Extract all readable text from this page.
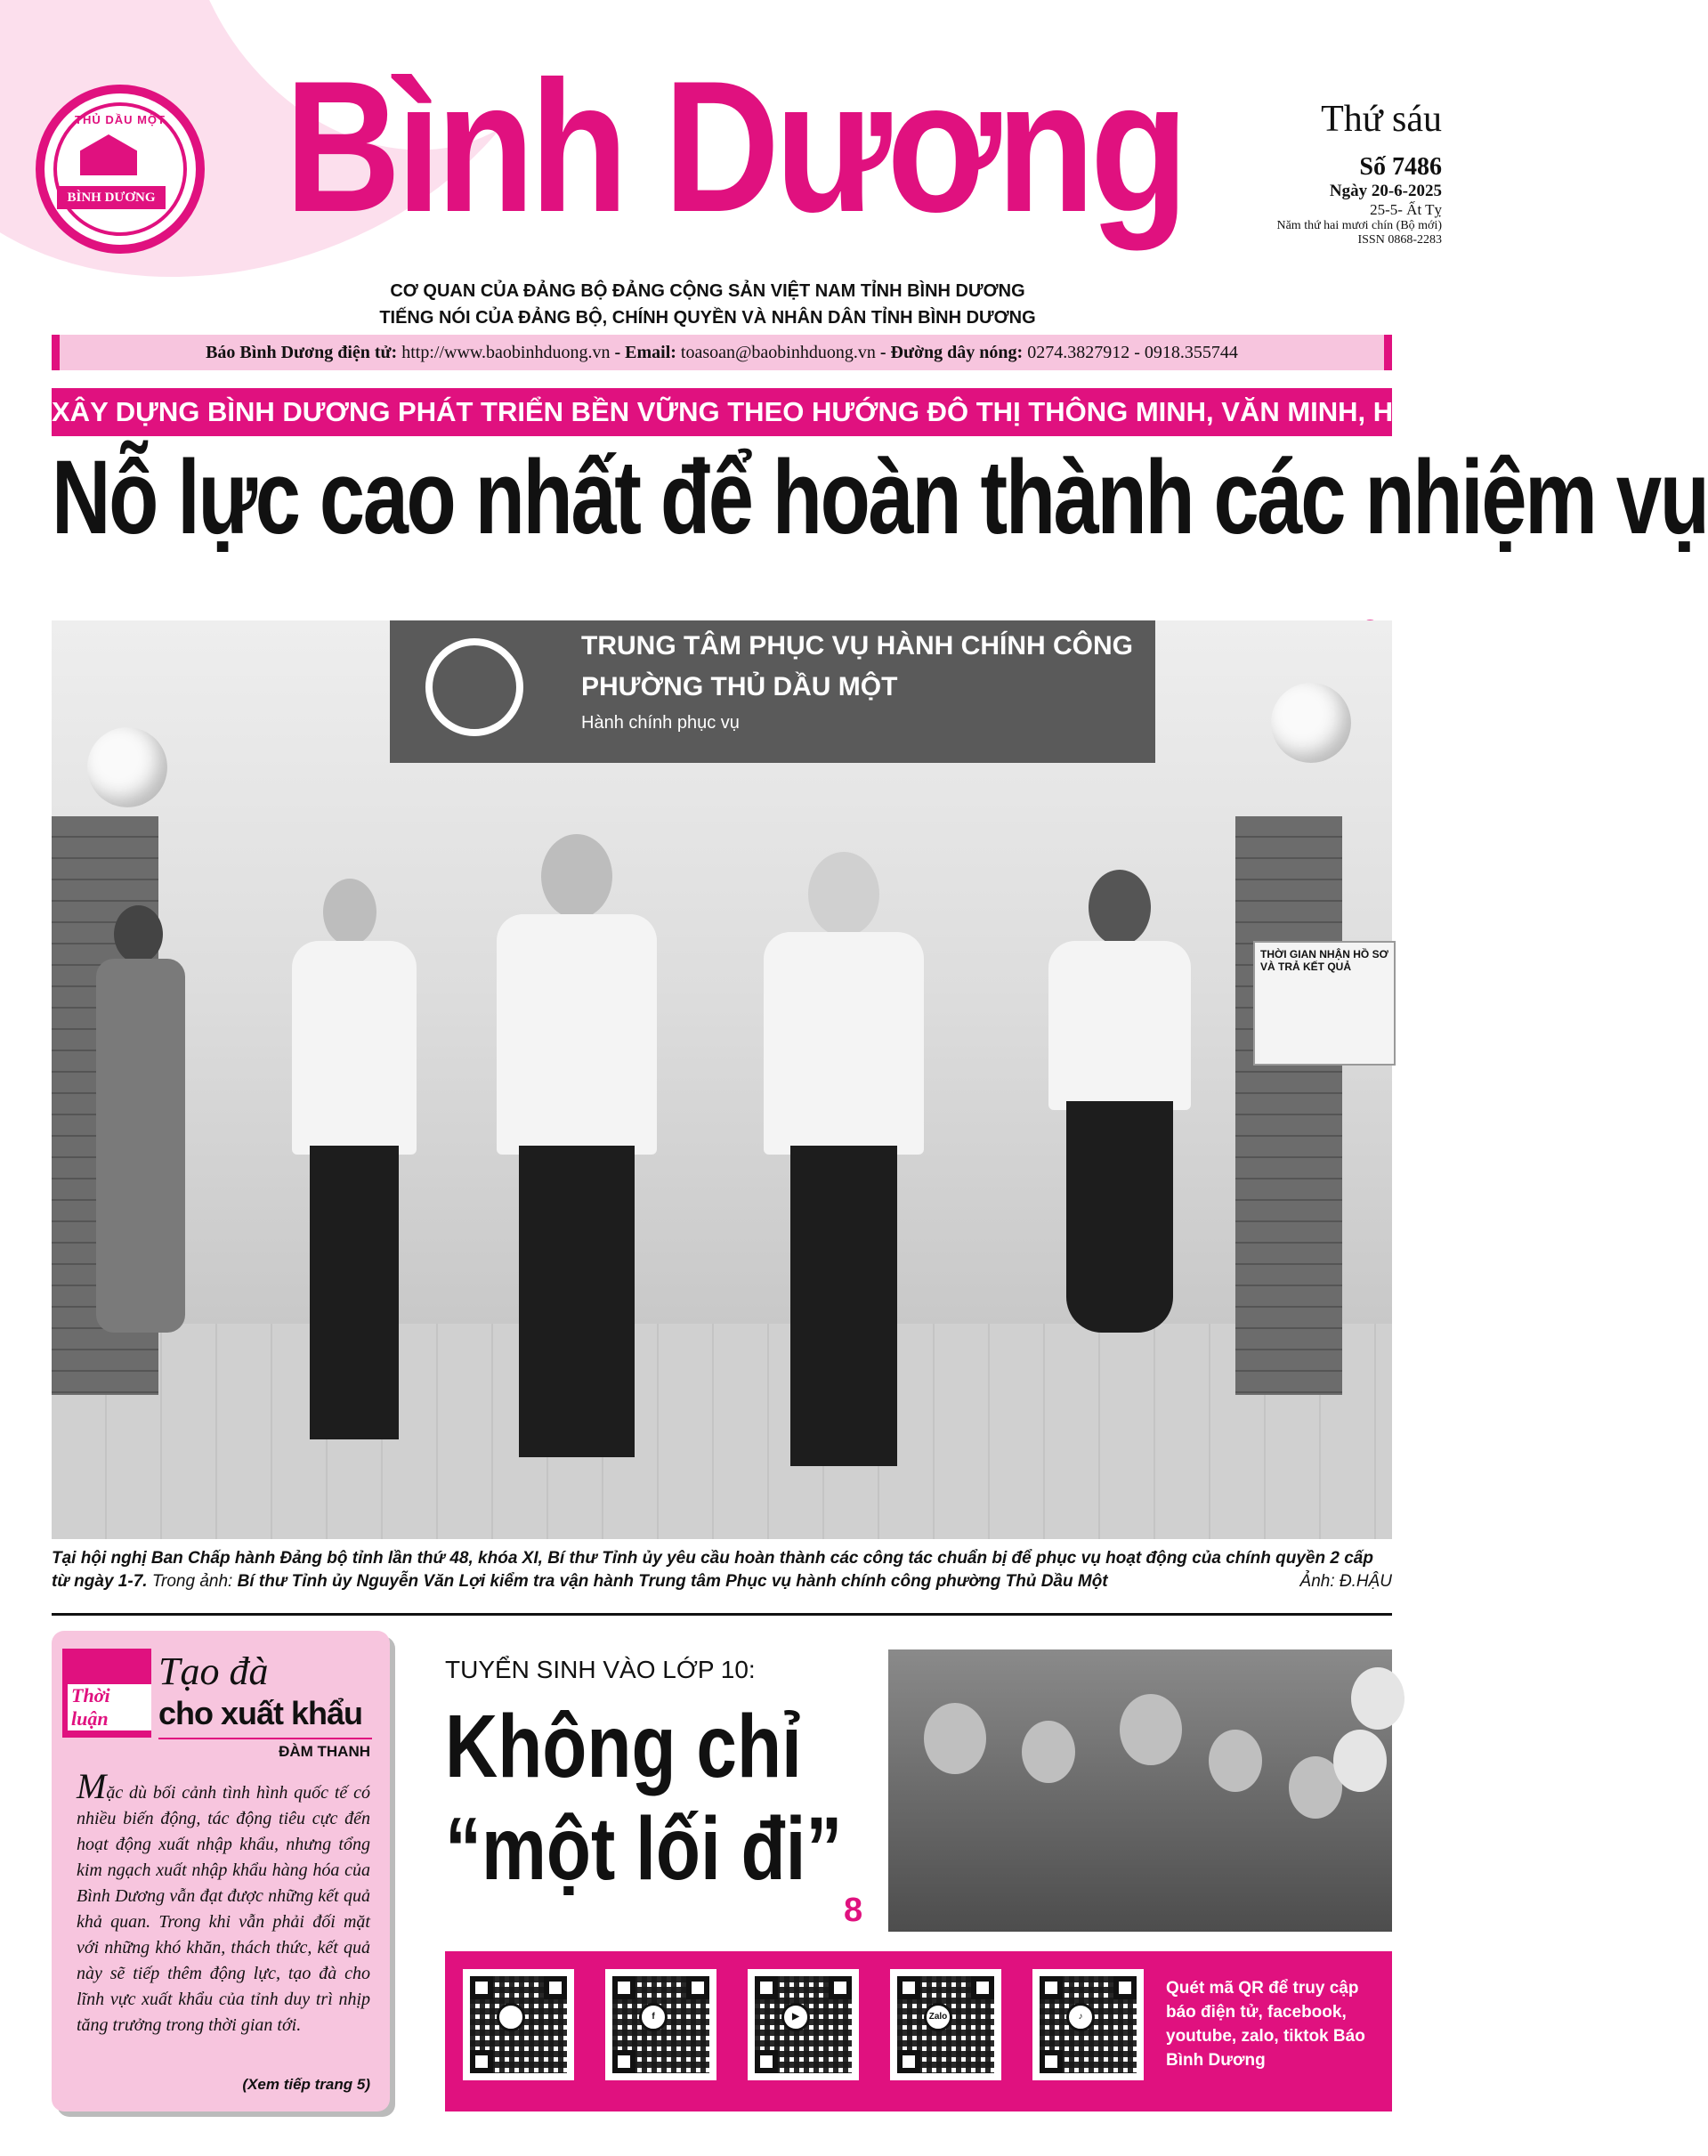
THỦ DẦU MỘT
BÌNH DƯƠNG Bình Dương	Thứ sáu
Số 7486
Ngày 20-6-2025
25-5- Ất Tỵ
Năm thứ hai mươi chín (Bộ mới)
ISSN 0868-2283
CƠ QUAN CỦA ĐẢNG BỘ ĐẢNG CỘNG SẢN VIỆT NAM TỈNH BÌNH DƯƠNG
TIẾNG NÓI CỦA ĐẢNG BỘ, CHÍNH QUYỀN VÀ NHÂN DÂN TỈNH BÌNH DƯƠNG
Báo Bình Dương điện tử: http://www.baobinhduong.vn - Email: toasoan@baobinhduong.vn - Đường dây nóng: 0274.3827912 - 0918.355744
XÂY DỰNG BÌNH DƯƠNG PHÁT TRIỂN BỀN VỮNG THEO HƯỚNG ĐÔ THỊ THÔNG MINH, VĂN MINH, HIỆN ĐẠI
Nỗ lực cao nhất để hoàn thành các nhiệm vụ
TRUNG TÂM PHỤC VỤ HÀNH CHÍNH CÔNG
PHƯỜNG THỦ DẦU MỘT
Hành chính phục vụ
THỜI GIAN NHẬN HỒ SƠ VÀ TRẢ KẾT QUẢ
Tại hội nghị Ban Chấp hành Đảng bộ tỉnh lần thứ 48, khóa XI, Bí thư Tỉnh ủy yêu cầu hoàn thành các công tác chuẩn bị để phục vụ hoạt động của chính quyền 2 cấp từ ngày 1-7. Trong ảnh: Bí thư Tỉnh ủy Nguyễn Văn Lợi kiểm tra vận hành Trung tâm Phục vụ hành chính công phường Thủ Dầu Một	Ảnh: Đ.HẬU
Thời luận
Tạo đà
cho xuất khẩu
ĐÀM THANH
Mặc dù bối cảnh tình hình quốc tế có nhiều biến động, tác động tiêu cực đến hoạt động xuất nhập khẩu, nhưng tổng kim ngạch xuất nhập khẩu hàng hóa của Bình Dương vẫn đạt được những kết quả khả quan. Trong khi vẫn phải đối mặt với những khó khăn, thách thức, kết quả này sẽ tiếp thêm động lực, tạo đà cho lĩnh vực xuất khẩu của tỉnh duy trì nhịp tăng trưởng trong thời gian tới.
(Xem tiếp trang 5)
TUYỂN SINH VÀO LỚP 10:
Không chỉ
“một lối đi”
8
f	▶	Zalo	♪
Quét mã QR để truy cập báo điện tử, facebook, youtube, zalo, tiktok Báo Bình Dương
